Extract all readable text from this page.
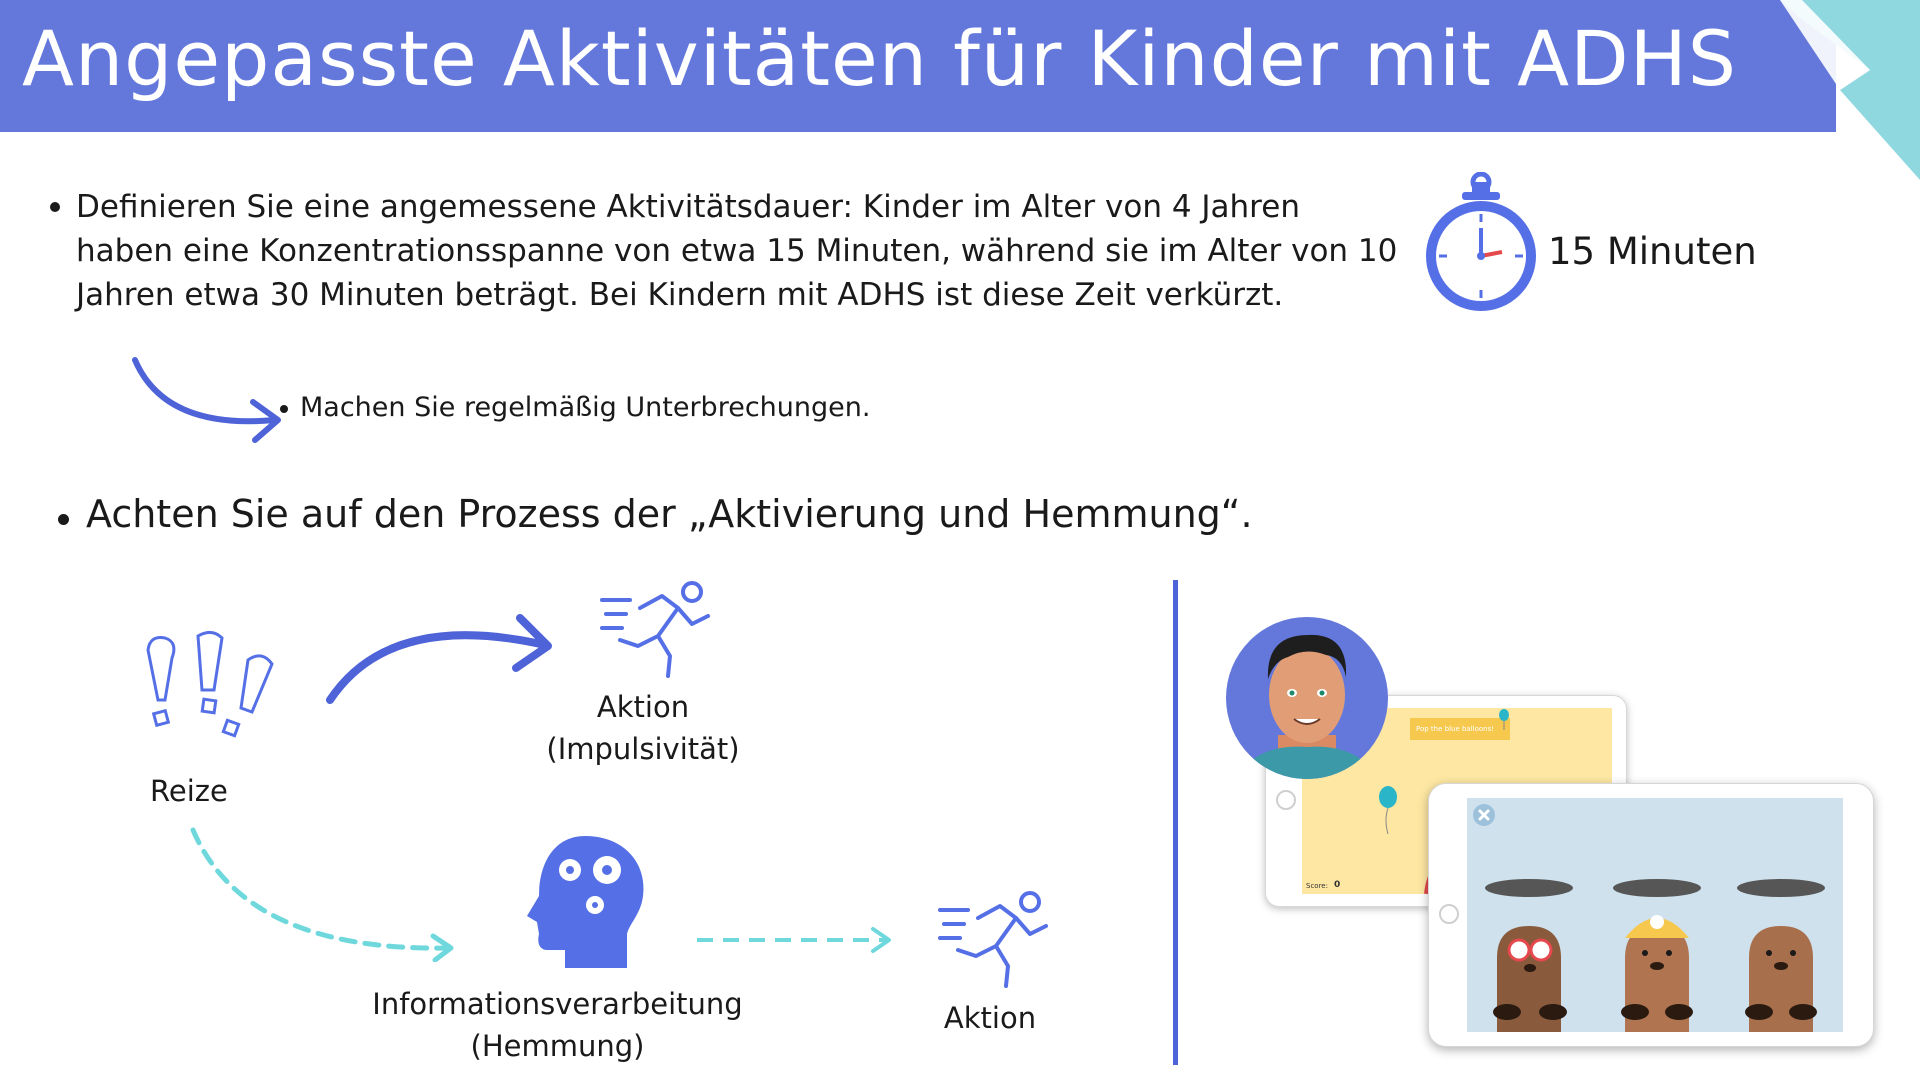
Angepasste Aktivitäten für Kinder mit ADHS
Definieren Sie eine angemessene Aktivitätsdauer: Kinder im Alter von 4 Jahren haben eine Konzentrationsspanne von etwa 15 Minuten, während sie im Alter von 10 Jahren etwa 30 Minuten beträgt. Bei Kindern mit ADHS ist diese Zeit verkürzt.
15 Minuten
Machen Sie regelmäßig Unterbrechungen.
Achten Sie auf den Prozess der „Aktivierung und Hemmung“.
Reize
Aktion
(Impulsivität)
Informationsverarbeitung
(Hemmung)
Aktion
Pop the blue balloons!
Score: 0
